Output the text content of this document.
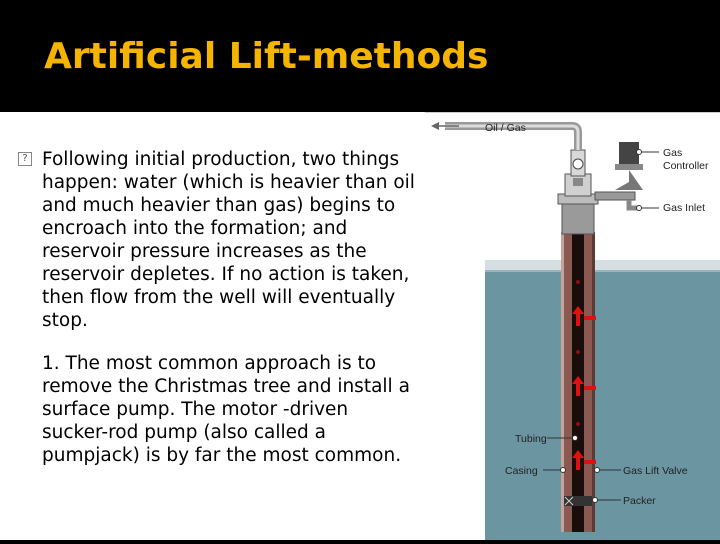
Artificial Lift-methods
? Following initial production, two things happen: water (which is heavier than oil and much heavier than gas) begins to encroach into the formation; and reservoir pressure increases as the reservoir depletes. If no action is taken, then flow from the well will eventually stop.
1. The most common approach is to remove the Christmas tree and install a surface pump. The motor -driven sucker-rod pump (also called a pumpjack) is by far the most common.
Oil / Gas
Gas
Controller
Gas Inlet
Tubing
Casing	Gas Lift Valve
Packer
